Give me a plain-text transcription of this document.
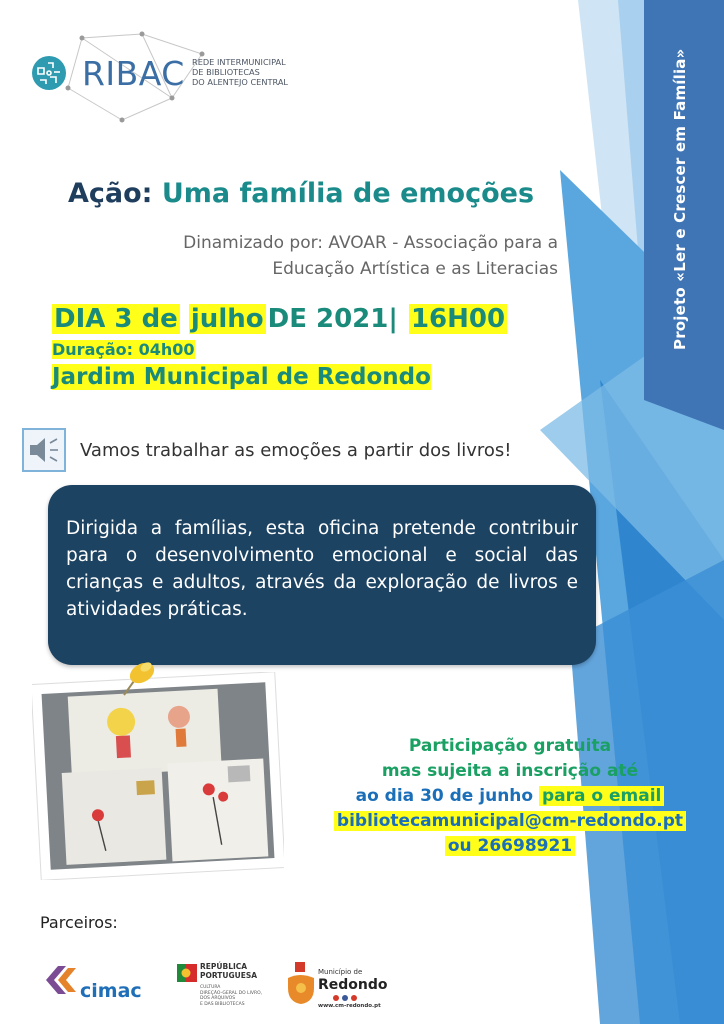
Projeto «Ler e Crescer em Família»
RIBAC REDE INTERMUNICIPAL
DE BIBLIOTECAS
DO ALENTEJO CENTRAL
Ação: Uma família de emoções
Dinamizado por: AVOAR - Associação para a
Educação Artística e as Literacias
DIA 3 de julho DE 2021| 16H00
Duração: 04h00
Jardim Municipal de Redondo
Vamos trabalhar as emoções a partir dos livros!
Dirigida a famílias, esta oficina pretende contribuir para o desenvolvimento emocional e social das crianças e adultos, através da exploração de livros e atividades práticas.
Participação gratuita
mas sujeita a inscrição até
ao dia 30 de junho para o email
bibliotecamunicipal@cm-redondo.pt
ou 26698921
Parceiros:
cimac
REPÚBLICA
PORTUGUESA
CULTURA
DIREÇÃO-GERAL DO LIVRO, DOS ARQUIVOS
E DAS BIBLIOTECAS
Município de
Redondo
www.cm-redondo.pt
